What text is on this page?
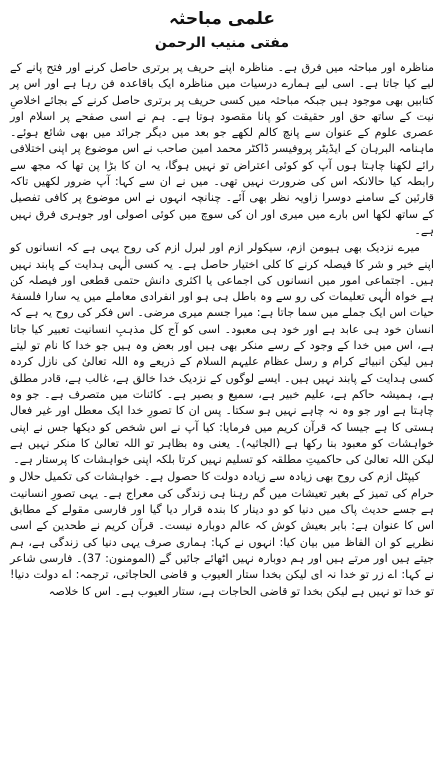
علمی مباحثہ
مفتی منیب الرحمن

مناظرہ اور مباحثہ میں فرق ہے۔ مناظرہ اپنے حریف پر برتری حاصل کرنے اور فتح پانے کے لیے کیا جاتا ہے۔ اسی لیے ہمارے درسیات میں مناظرہ ایک باقاعدہ فن رہا ہے اور اس پر کتابیں بھی موجود ہیں جبکہ مباحثہ میں کسی حریف پر برتری حاصل کرنے کے بجائے اخلاصِ نیت کے ساتھ حق اور حقیقت کو پانا مقصود ہوتا ہے۔ ہم نے اسی صفحے پر اسلام اور عصری علوم کے عنوان سے پانچ کالم لکھے جو بعد میں دیگر جرائد میں بھی شائع ہوئے۔ ماہنامہ البرہان کے ایڈیٹر پروفیسر ڈاکٹر محمد امین صاحب نے اس موضوع پر اپنی اختلافی رائے لکھنا چاہتا ہوں آپ کو کوئی اعتراض تو نہیں ہوگا، یہ ان کا بڑا پن تھا کہ مجھ سے رابطہ کیا حالانکہ اس کی ضرورت نہیں تھی۔ میں نے ان سے کہا: آپ ضرور لکھیں تاکہ قارئین کے سامنے دوسرا زاویہ نظر بھی آئے۔ چنانچہ انہوں نے اس موضوع پر کافی تفصیل کے ساتھ لکھا اس بارے میں میری اور ان کی سوچ میں کوئی اصولی اور جوہری فرق نہیں ہے۔

میرے نزدیک بھی ہیومن ازم، سیکولر ازم اور لبرل ازم کی روح یہی ہے کہ انسانوں کو اپنے خیر و شر کا فیصلہ کرنے کا کلی اختیار حاصل ہے۔ یہ کسی الٰہی ہدایت کے پابند نہیں ہیں۔ اجتماعی امور میں انسانوں کی اجماعی یا اکثری دانش حتمی قطعی اور فیصلہ کن ہے خواہ الٰہی تعلیمات کی رو سے وہ باطل ہی ہو اور انفرادی معاملے میں یہ سارا فلسفۂ حیات اس ایک جملے میں سما جاتا ہے: میرا جسم میری مرضی۔ اس فکر کی روح یہ ہے کہ انسان خود ہی عابد ہے اور خود ہی معبود۔ اسی کو آج کل مذہبِ انسانیت تعبیر کیا جاتا ہے، اس میں خدا کے وجود کے رسے منکر بھی ہیں اور بعض وہ ہیں جو خدا کا نام تو لیتے ہیں لیکن انبیائے کرام و رسل عظام علیہم السلام کے ذریعے وہ اللہ تعالیٰ کی نازل کردہ کسی ہدایت کے پابند نہیں ہیں۔ ایسے لوگوں کے نزدیک خدا خالق ہے، غالب ہے، قادر مطلق ہے، ہمیشہ حاکم ہے، علیم خبیر ہے، سمیع و بصیر ہے۔ کائنات میں متصرف ہے۔ جو وہ چاہتا ہے اور جو وہ نہ چاہے نہیں ہو سکتا۔ پس ان کا تصورِ خدا ایک معطل اور غیر فعال ہستی کا ہے جیسا کہ قرآن کریم میں فرمایا: کیا آپ نے اس شخص کو دیکھا جس نے اپنی خواہشات کو معبود بنا رکھا ہے (الجاثیہ)۔ یعنی وہ بظاہر تو اللہ تعالیٰ کا منکر نہیں ہے لیکن اللہ تعالیٰ کی حاکمیتِ مطلقہ کو تسلیم نہیں کرتا بلکہ اپنی خواہشات کا پرستار ہے۔

کیپٹل ازم کی روح بھی زیادہ سے زیادہ دولت کا حصول ہے۔ خواہشات کی تکمیل حلال و حرام کی تمیز کے بغیر تعیشات میں گم رہنا ہی زندگی کی معراج ہے۔ یہی تصورِ انسانیت ہے جسے حدیث پاک میں دنیا کو دو دینار کا بندہ قرار دیا گیا اور فارسی مقولے کے مطابق اس کا عنوان ہے: بابر بعیش کوش کہ عالم دوبارہ نیست۔ قرآن کریم نے طحدین کے اسی نظریے کو ان الفاظ میں بیان کیا: انہوں نے کہا: ہماری صرف یہی دنیا کی زندگی ہے، ہم جیتے ہیں اور مرتے ہیں اور ہم دوبارہ نہیں اٹھائے جائیں گے (المومنون: 37)۔ فارسی شاعر نے کہا: اے زر تو خدا نہ ای لیکن بخدا ستار العیوب و قاضی الحاجاتی، ترجمہ: اے دولت دنیا! تو خدا تو نہیں ہے لیکن بخدا تو قاضی الحاجات ہے، ستار العیوب ہے۔ اس کا خلاصہ
